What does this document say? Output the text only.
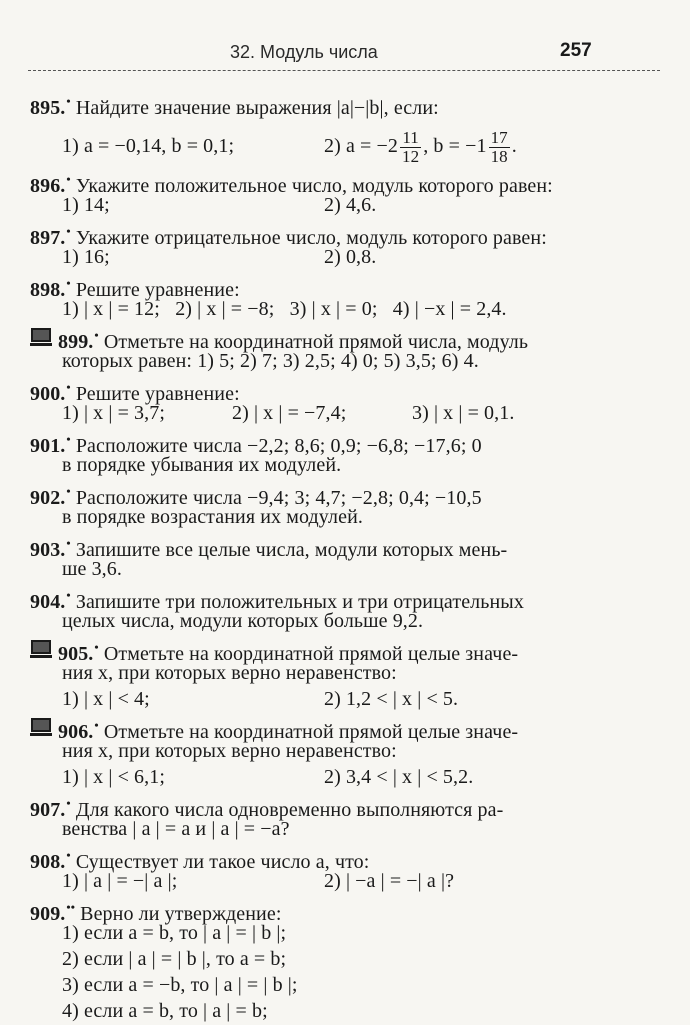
32. Модуль числа	257
895.• Найдите значение выражения |a|−|b|, если:
1) a = −0,14, b = 0,1;	2) $a = -2 \frac{11}{12}$ , $b = -1 \frac{17}{18}$ .
896.• Укажите положительное число, модуль которого равен:
1) 14;	2) 4,6.
897.• Укажите отрицательное число, модуль которого равен:
1) 16;	2) 0,8.
898.• Решите уравнение:
1) | x | = 12;   2) | x | = −8;   3) | x | = 0;   4) | −x | = 2,4.
899.• Отметьте на координатной прямой числа, модуль
которых равен: 1) 5; 2) 7; 3) 2,5; 4) 0; 5) 3,5; 6) 4.
900.• Решите уравнение:
1) | x | = 3,7;	2) | x | = −7,4;	3) | x | = 0,1.
901.• Расположите числа −2,2; 8,6; 0,9; −6,8; −17,6; 0
в порядке убывания их модулей.
902.• Расположите числа −9,4; 3; 4,7; −2,8; 0,4; −10,5
в порядке возрастания их модулей.
903.• Запишите все целые числа, модули которых мень-
ше 3,6.
904.• Запишите три положительных и три отрицательных
целых числа, модули которых больше 9,2.
905.• Отметьте на координатной прямой целые значе-
ния x, при которых верно неравенство:
1) | x | < 4;	2) 1,2 < | x | < 5.
906.• Отметьте на координатной прямой целые значе-
ния x, при которых верно неравенство:
1) | x | < 6,1;	2) 3,4 < | x | < 5,2.
907.• Для какого числа одновременно выполняются ра-
венства | a | = a и | a | = −a?
908.• Существует ли такое число a, что:
1) | a | = −| a |;	2) | −a | = −| a |?
909.•• Верно ли утверждение:
1) если a = b, то | a | = | b |;
2) если | a | = | b |, то a = b;
3) если a = −b, то | a | = | b |;
4) если a = b, то | a | = b;
